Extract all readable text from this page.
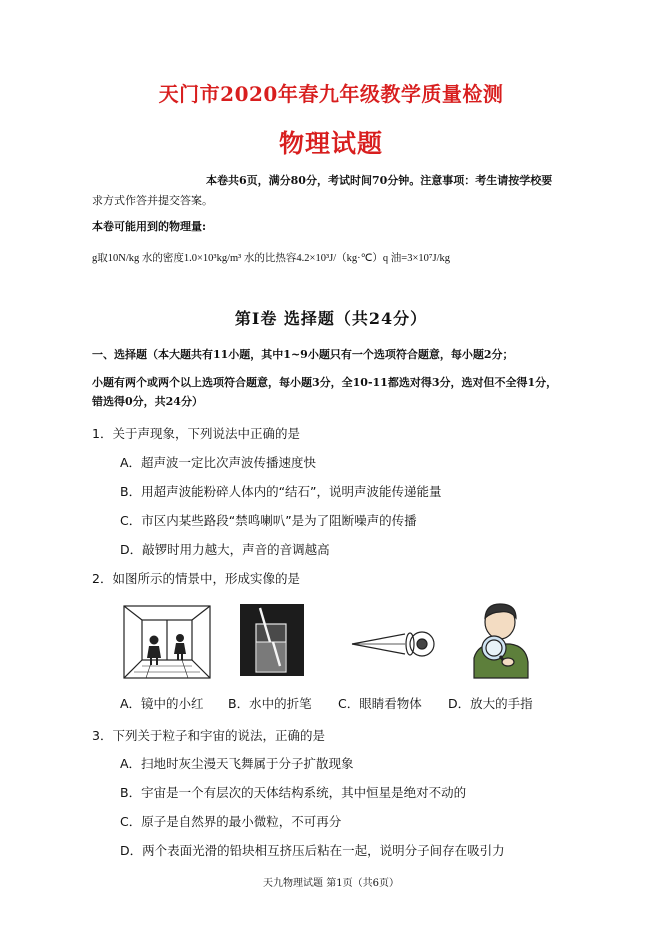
天门市2020年春九年级教学质量检测
物理试题
本卷共6页，满分80分，考试时间70分钟。注意事项：考生请按学校要
求方式作答并提交答案。
本卷可能用到的物理量:
g取10N/kg 水的密度1.0×10³kg/m³ 水的比热容4.2×10³J/（kg·℃）q 油=3×10⁷J/kg
第Ⅰ卷 选择题（共24分）
一、选择题（本大题共有11小题，其中1~9小题只有一个选项符合题意，每小题2分；
小题有两个或两个以上选项符合题意，每小题3分，全10-11都选对得3分，选对但不全得1分，
错选得0分，共24分）
1．关于声现象，下列说法中正确的是
A．超声波一定比次声波传播速度快
B．用超声波能粉碎人体内的“结石”，说明声波能传递能量
C．市区内某些路段“禁鸣喇叭”是为了阻断噪声的传播
D．敲锣时用力越大，声音的音调越高
2．如图所示的情景中，形成实像的是
A．镜中的小红 B．水中的折笔 C．眼睛看物体 D．放大的手指
3．下列关于粒子和宇宙的说法，正确的是
A．扫地时灰尘漫天飞舞属于分子扩散现象
B．宇宙是一个有层次的天体结构系统，其中恒星是绝对不动的
C．原子是自然界的最小微粒，不可再分
D．两个表面光滑的铅块相互挤压后粘在一起，说明分子间存在吸引力
天九物理试题 第1页（共6页）
